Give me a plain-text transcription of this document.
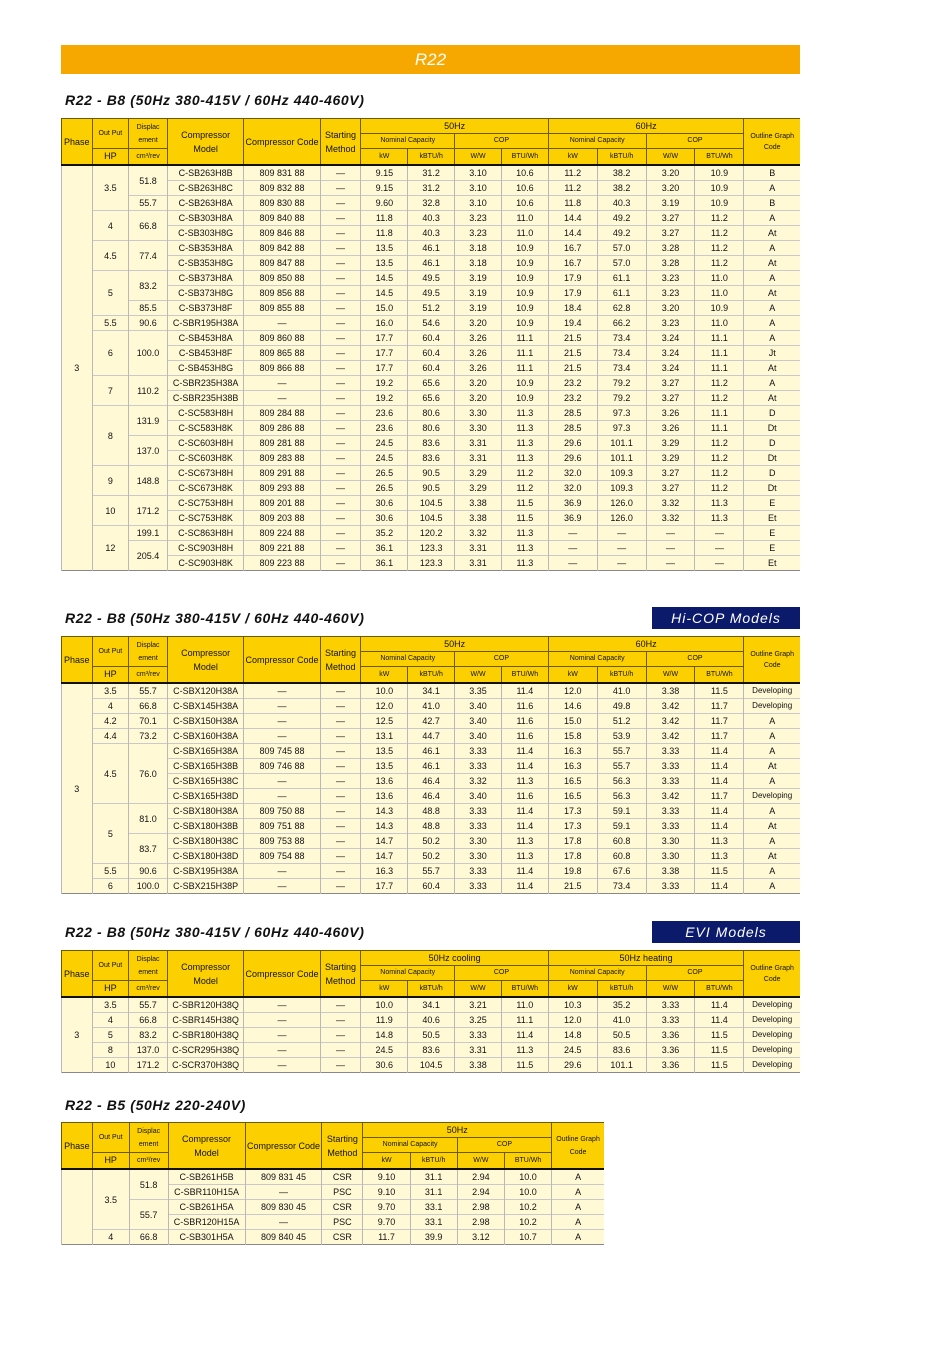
R22
R22 - B8 (50Hz 380-415V / 60Hz 440-460V)
Phase	Out Put	Displac ement	Compressor Model	Compressor Code	Starting Method	50Hz				60Hz				Outline Graph Code
						Nominal Capacity		COP		Nominal Capacity		COP		
	HP	cm³/rev				kW	kBTU/h	W/W	BTU/Wh	kW	kBTU/h	W/W	BTU/Wh	
3	3.5	51.8	C-SB263H8B	809 831 88	—	9.15	31.2	3.10	10.6	11.2	38.2	3.20	10.9	B
			C-SB263H8C	809 832 88	—	9.15	31.2	3.10	10.6	11.2	38.2	3.20	10.9	A
		55.7	C-SB263H8A	809 830 88	—	9.60	32.8	3.10	10.6	11.8	40.3	3.19	10.9	B
	4	66.8	C-SB303H8A	809 840 88	—	11.8	40.3	3.23	11.0	14.4	49.2	3.27	11.2	A
			C-SB303H8G	809 846 88	—	11.8	40.3	3.23	11.0	14.4	49.2	3.27	11.2	At
	4.5	77.4	C-SB353H8A	809 842 88	—	13.5	46.1	3.18	10.9	16.7	57.0	3.28	11.2	A
			C-SB353H8G	809 847 88	—	13.5	46.1	3.18	10.9	16.7	57.0	3.28	11.2	At
	5	83.2	C-SB373H8A	809 850 88	—	14.5	49.5	3.19	10.9	17.9	61.1	3.23	11.0	A
			C-SB373H8G	809 856 88	—	14.5	49.5	3.19	10.9	17.9	61.1	3.23	11.0	At
		85.5	C-SB373H8F	809 855 88	—	15.0	51.2	3.19	10.9	18.4	62.8	3.20	10.9	A
	5.5	90.6	C-SBR195H38A	—	—	16.0	54.6	3.20	10.9	19.4	66.2	3.23	11.0	A
	6	100.0	C-SB453H8A	809 860 88	—	17.7	60.4	3.26	11.1	21.5	73.4	3.24	11.1	A
			C-SB453H8F	809 865 88	—	17.7	60.4	3.26	11.1	21.5	73.4	3.24	11.1	Jt
			C-SB453H8G	809 866 88	—	17.7	60.4	3.26	11.1	21.5	73.4	3.24	11.1	At
	7	110.2	C-SBR235H38A	—	—	19.2	65.6	3.20	10.9	23.2	79.2	3.27	11.2	A
			C-SBR235H38B	—	—	19.2	65.6	3.20	10.9	23.2	79.2	3.27	11.2	At
	8	131.9	C-SC583H8H	809 284 88	—	23.6	80.6	3.30	11.3	28.5	97.3	3.26	11.1	D
			C-SC583H8K	809 286 88	—	23.6	80.6	3.30	11.3	28.5	97.3	3.26	11.1	Dt
		137.0	C-SC603H8H	809 281 88	—	24.5	83.6	3.31	11.3	29.6	101.1	3.29	11.2	D
			C-SC603H8K	809 283 88	—	24.5	83.6	3.31	11.3	29.6	101.1	3.29	11.2	Dt
	9	148.8	C-SC673H8H	809 291 88	—	26.5	90.5	3.29	11.2	32.0	109.3	3.27	11.2	D
			C-SC673H8K	809 293 88	—	26.5	90.5	3.29	11.2	32.0	109.3	3.27	11.2	Dt
	10	171.2	C-SC753H8H	809 201 88	—	30.6	104.5	3.38	11.5	36.9	126.0	3.32	11.3	E
			C-SC753H8K	809 203 88	—	30.6	104.5	3.38	11.5	36.9	126.0	3.32	11.3	Et
	12	199.1	C-SC863H8H	809 224 88	—	35.2	120.2	3.32	11.3	—	—	—	—	E
		205.4	C-SC903H8H	809 221 88	—	36.1	123.3	3.31	11.3	—	—	—	—	E
			C-SC903H8K	809 223 88	—	36.1	123.3	3.31	11.3	—	—	—	—	Et
R22 - B8 (50Hz 380-415V / 60Hz 440-460V)	Hi-COP Models
Phase	Out Put	Displac ement	Compressor Model	Compressor Code	Starting Method	50Hz				60Hz				Outline Graph Code
						Nominal Capacity		COP		Nominal Capacity		COP		
	HP	cm³/rev				kW	kBTU/h	W/W	BTU/Wh	kW	kBTU/h	W/W	BTU/Wh	
3	3.5	55.7	C-SBX120H38A	—	—	10.0	34.1	3.35	11.4	12.0	41.0	3.38	11.5	Developing
	4	66.8	C-SBX145H38A	—	—	12.0	41.0	3.40	11.6	14.6	49.8	3.42	11.7	Developing
	4.2	70.1	C-SBX150H38A	—	—	12.5	42.7	3.40	11.6	15.0	51.2	3.42	11.7	A
	4.4	73.2	C-SBX160H38A	—	—	13.1	44.7	3.40	11.6	15.8	53.9	3.42	11.7	A
	4.5	76.0	C-SBX165H38A	809 745 88	—	13.5	46.1	3.33	11.4	16.3	55.7	3.33	11.4	A
			C-SBX165H38B	809 746 88	—	13.5	46.1	3.33	11.4	16.3	55.7	3.33	11.4	At
			C-SBX165H38C	—	—	13.6	46.4	3.32	11.3	16.5	56.3	3.33	11.4	A
			C-SBX165H38D	—	—	13.6	46.4	3.40	11.6	16.5	56.3	3.42	11.7	Developing
	5	81.0	C-SBX180H38A	809 750 88	—	14.3	48.8	3.33	11.4	17.3	59.1	3.33	11.4	A
			C-SBX180H38B	809 751 88	—	14.3	48.8	3.33	11.4	17.3	59.1	3.33	11.4	At
		83.7	C-SBX180H38C	809 753 88	—	14.7	50.2	3.30	11.3	17.8	60.8	3.30	11.3	A
			C-SBX180H38D	809 754 88	—	14.7	50.2	3.30	11.3	17.8	60.8	3.30	11.3	At
	5.5	90.6	C-SBX195H38A	—	—	16.3	55.7	3.33	11.4	19.8	67.6	3.38	11.5	A
	6	100.0	C-SBX215H38P	—	—	17.7	60.4	3.33	11.4	21.5	73.4	3.33	11.4	A
R22 - B8 (50Hz 380-415V / 60Hz 440-460V)	EVI Models
Phase	Out Put	Displac ement	Compressor Model	Compressor Code	Starting Method	50Hz cooling				50Hz heating				Outline Graph Code
						Nominal Capacity		COP		Nominal Capacity		COP		
	HP	cm³/rev				kW	kBTU/h	W/W	BTU/Wh	kW	kBTU/h	W/W	BTU/Wh	
3	3.5	55.7	C-SBR120H38Q	—	—	10.0	34.1	3.21	11.0	10.3	35.2	3.33	11.4	Developing
	4	66.8	C-SBR145H38Q	—	—	11.9	40.6	3.25	11.1	12.0	41.0	3.33	11.4	Developing
	5	83.2	C-SBR180H38Q	—	—	14.8	50.5	3.33	11.4	14.8	50.5	3.36	11.5	Developing
	8	137.0	C-SCR295H38Q	—	—	24.5	83.6	3.31	11.3	24.5	83.6	3.36	11.5	Developing
	10	171.2	C-SCR370H38Q	—	—	30.6	104.5	3.38	11.5	29.6	101.1	3.36	11.5	Developing
R22 - B5 (50Hz 220-240V)
Phase	Out Put	Displac ement	Compressor Model	Compressor Code	Starting Method	50Hz				Outline Graph Code
						Nominal Capacity		COP		
	HP	cm³/rev				kW	kBTU/h	W/W	BTU/Wh	
	3.5	51.8	C-SB261H5B	809 831 45	CSR	9.10	31.1	2.94	10.0	A
			C-SBR110H15A	—	PSC	9.10	31.1	2.94	10.0	A
		55.7	C-SB261H5A	809 830 45	CSR	9.70	33.1	2.98	10.2	A
			C-SBR120H15A	—	PSC	9.70	33.1	2.98	10.2	A
	4	66.8	C-SB301H5A	809 840 45	CSR	11.7	39.9	3.12	10.7	A
